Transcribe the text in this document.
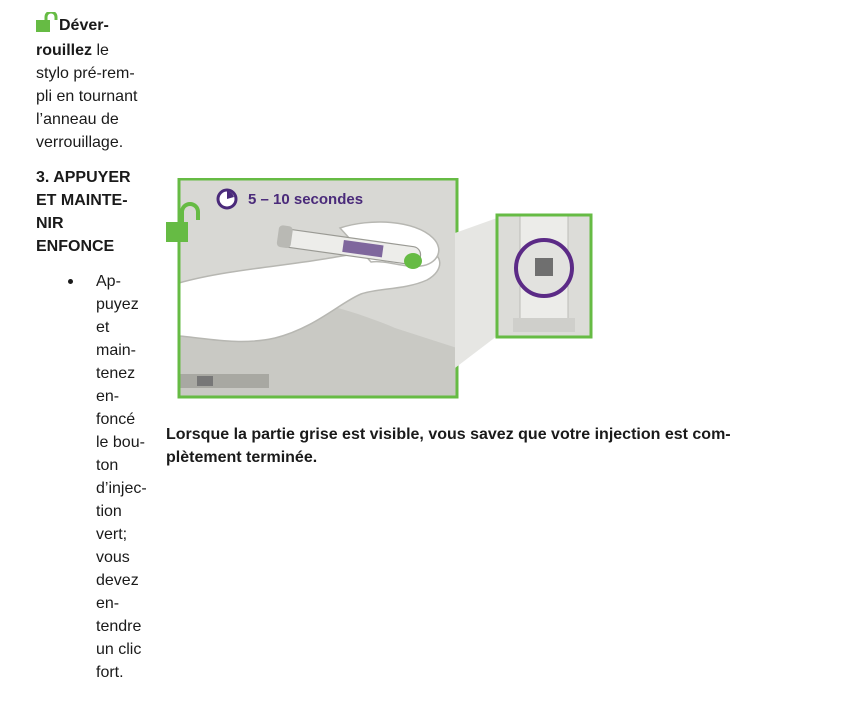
Déver-
rouillez le
stylo pré-rem-
pli en tournant
l’anneau de
verrouillage.

3. APPUYER
ET MAINTE-
NIR
ENFONCE
Ap-
puyez
et
main-
tenez
en-
foncé
le bou-
ton
d’injec-
tion
vert;
vous
devez
en-
tendre
un clic
fort.
5 – 10 secondes
Lorsque la partie grise est visible, vous savez que votre injection est com-
plètement terminée.
